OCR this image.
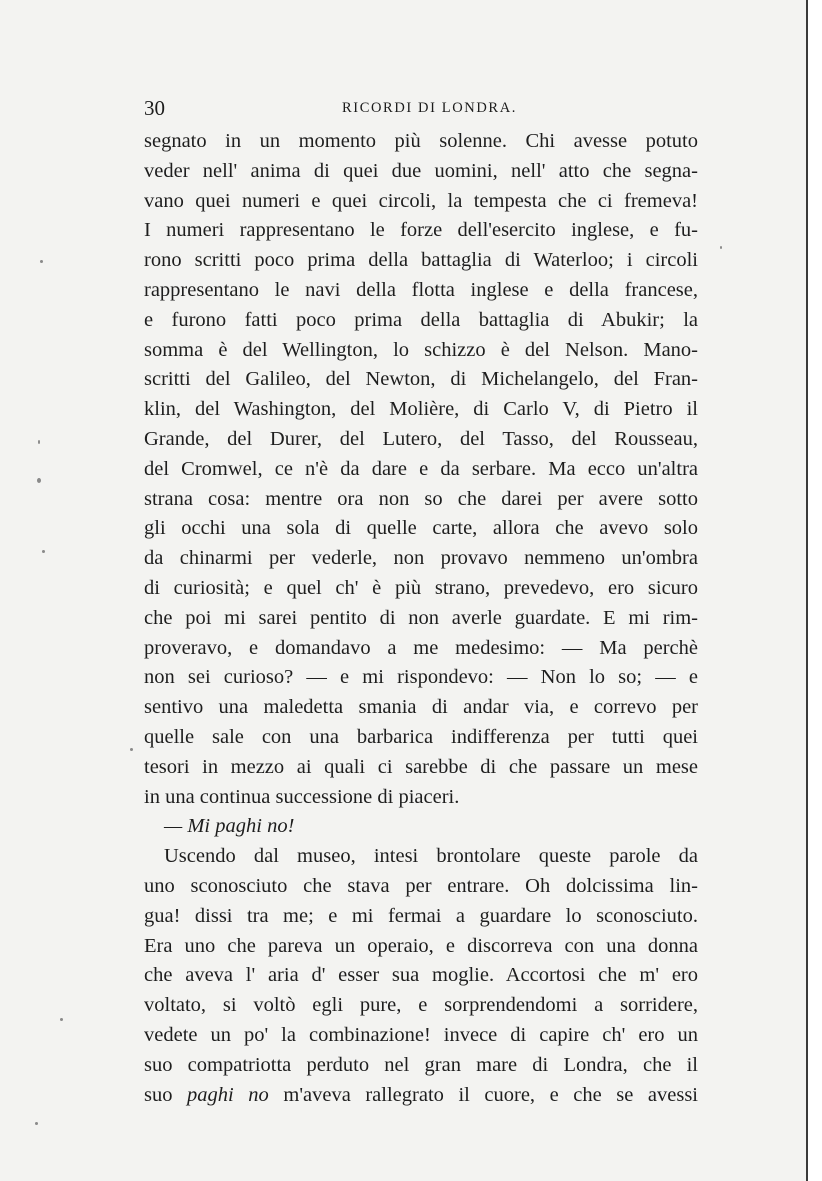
30	RICORDI DI LONDRA.
segnato in un momento più solenne. Chi avesse potuto
veder nell' anima di quei due uomini, nell' atto che segna-
vano quei numeri e quei circoli, la tempesta che ci fremeva!
I numeri rappresentano le forze dell'esercito inglese, e fu-
rono scritti poco prima della battaglia di Waterloo; i circoli
rappresentano le navi della flotta inglese e della francese,
e furono fatti poco prima della battaglia di Abukir; la
somma è del Wellington, lo schizzo è del Nelson. Mano-
scritti del Galileo, del Newton, di Michelangelo, del Fran-
klin, del Washington, del Molière, di Carlo V, di Pietro il
Grande, del Durer, del Lutero, del Tasso, del Rousseau,
del Cromwel, ce n'è da dare e da serbare. Ma ecco un'altra
strana cosa: mentre ora non so che darei per avere sotto
gli occhi una sola di quelle carte, allora che avevo solo
da chinarmi per vederle, non provavo nemmeno un'ombra
di curiosità; e quel ch' è più strano, prevedevo, ero sicuro
che poi mi sarei pentito di non averle guardate. E mi rim-
proveravo, e domandavo a me medesimo: — Ma perchè
non sei curioso? — e mi rispondevo: — Non lo so; — e
sentivo una maledetta smania di andar via, e correvo per
quelle sale con una barbarica indifferenza per tutti quei
tesori in mezzo ai quali ci sarebbe di che passare un mese
in una continua successione di piaceri.
— Mi paghi no!
Uscendo dal museo, intesi brontolare queste parole da
uno sconosciuto che stava per entrare. Oh dolcissima lin-
gua! dissi tra me; e mi fermai a guardare lo sconosciuto.
Era uno che pareva un operaio, e discorreva con una donna
che aveva l' aria d' esser sua moglie. Accortosi che m' ero
voltato, si voltò egli pure, e sorprendendomi a sorridere,
vedete un po' la combinazione! invece di capire ch' ero un
suo compatriotta perduto nel gran mare di Londra, che il
suo paghi no m'aveva rallegrato il cuore, e che se avessi
